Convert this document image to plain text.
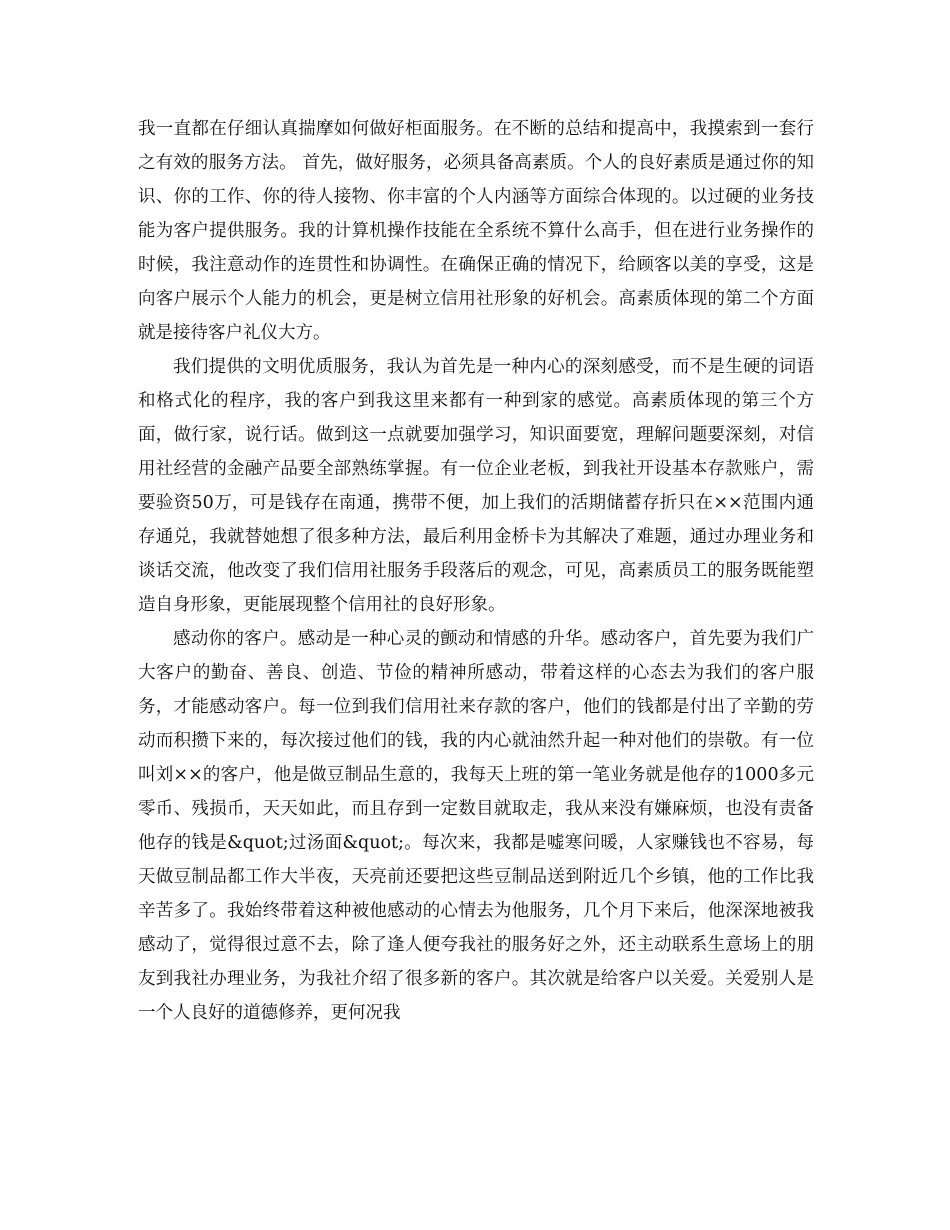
我一直都在仔细认真揣摩如何做好柜面服务。在不断的总结和提高中，我摸索到一套行之有效的服务方法。 首先，做好服务，必须具备高素质。个人的良好素质是通过你的知识、你的工作、你的待人接物、你丰富的个人内涵等方面综合体现的。以过硬的业务技能为客户提供服务。我的计算机操作技能在全系统不算什么高手，但在进行业务操作的时候，我注意动作的连贯性和协调性。在确保正确的情况下，给顾客以美的享受，这是向客户展示个人能力的机会，更是树立信用社形象的好机会。高素质体现的第二个方面就是接待客户礼仪大方。

我们提供的文明优质服务，我认为首先是一种内心的深刻感受，而不是生硬的词语和格式化的程序，我的客户到我这里来都有一种到家的感觉。高素质体现的第三个方面，做行家，说行话。做到这一点就要加强学习，知识面要宽，理解问题要深刻，对信用社经营的金融产品要全部熟练掌握。有一位企业老板，到我社开设基本存款账户，需要验资50万，可是钱存在南通，携带不便，加上我们的活期储蓄存折只在××范围内通存通兑，我就替她想了很多种方法，最后利用金桥卡为其解决了难题，通过办理业务和谈话交流，他改变了我们信用社服务手段落后的观念，可见，高素质员工的服务既能塑造自身形象，更能展现整个信用社的良好形象。

感动你的客户。感动是一种心灵的颤动和情感的升华。感动客户，首先要为我们广大客户的勤奋、善良、创造、节俭的精神所感动，带着这样的心态去为我们的客户服务，才能感动客户。每一位到我们信用社来存款的客户，他们的钱都是付出了辛勤的劳动而积攒下来的，每次接过他们的钱，我的内心就油然升起一种对他们的崇敬。有一位叫刘××的客户，他是做豆制品生意的，我每天上班的第一笔业务就是他存的1000多元零币、残损币，天天如此，而且存到一定数目就取走，我从来没有嫌麻烦，也没有责备他存的钱是&quot;过汤面&quot;。每次来，我都是嘘寒问暖，人家赚钱也不容易，每天做豆制品都工作大半夜，天亮前还要把这些豆制品送到附近几个乡镇，他的工作比我辛苦多了。我始终带着这种被他感动的心情去为他服务，几个月下来后，他深深地被我感动了，觉得很过意不去，除了逢人便夸我社的服务好之外，还主动联系生意场上的朋友到我社办理业务，为我社介绍了很多新的客户。其次就是给客户以关爱。关爱别人是一个人良好的道德修养，更何况我
